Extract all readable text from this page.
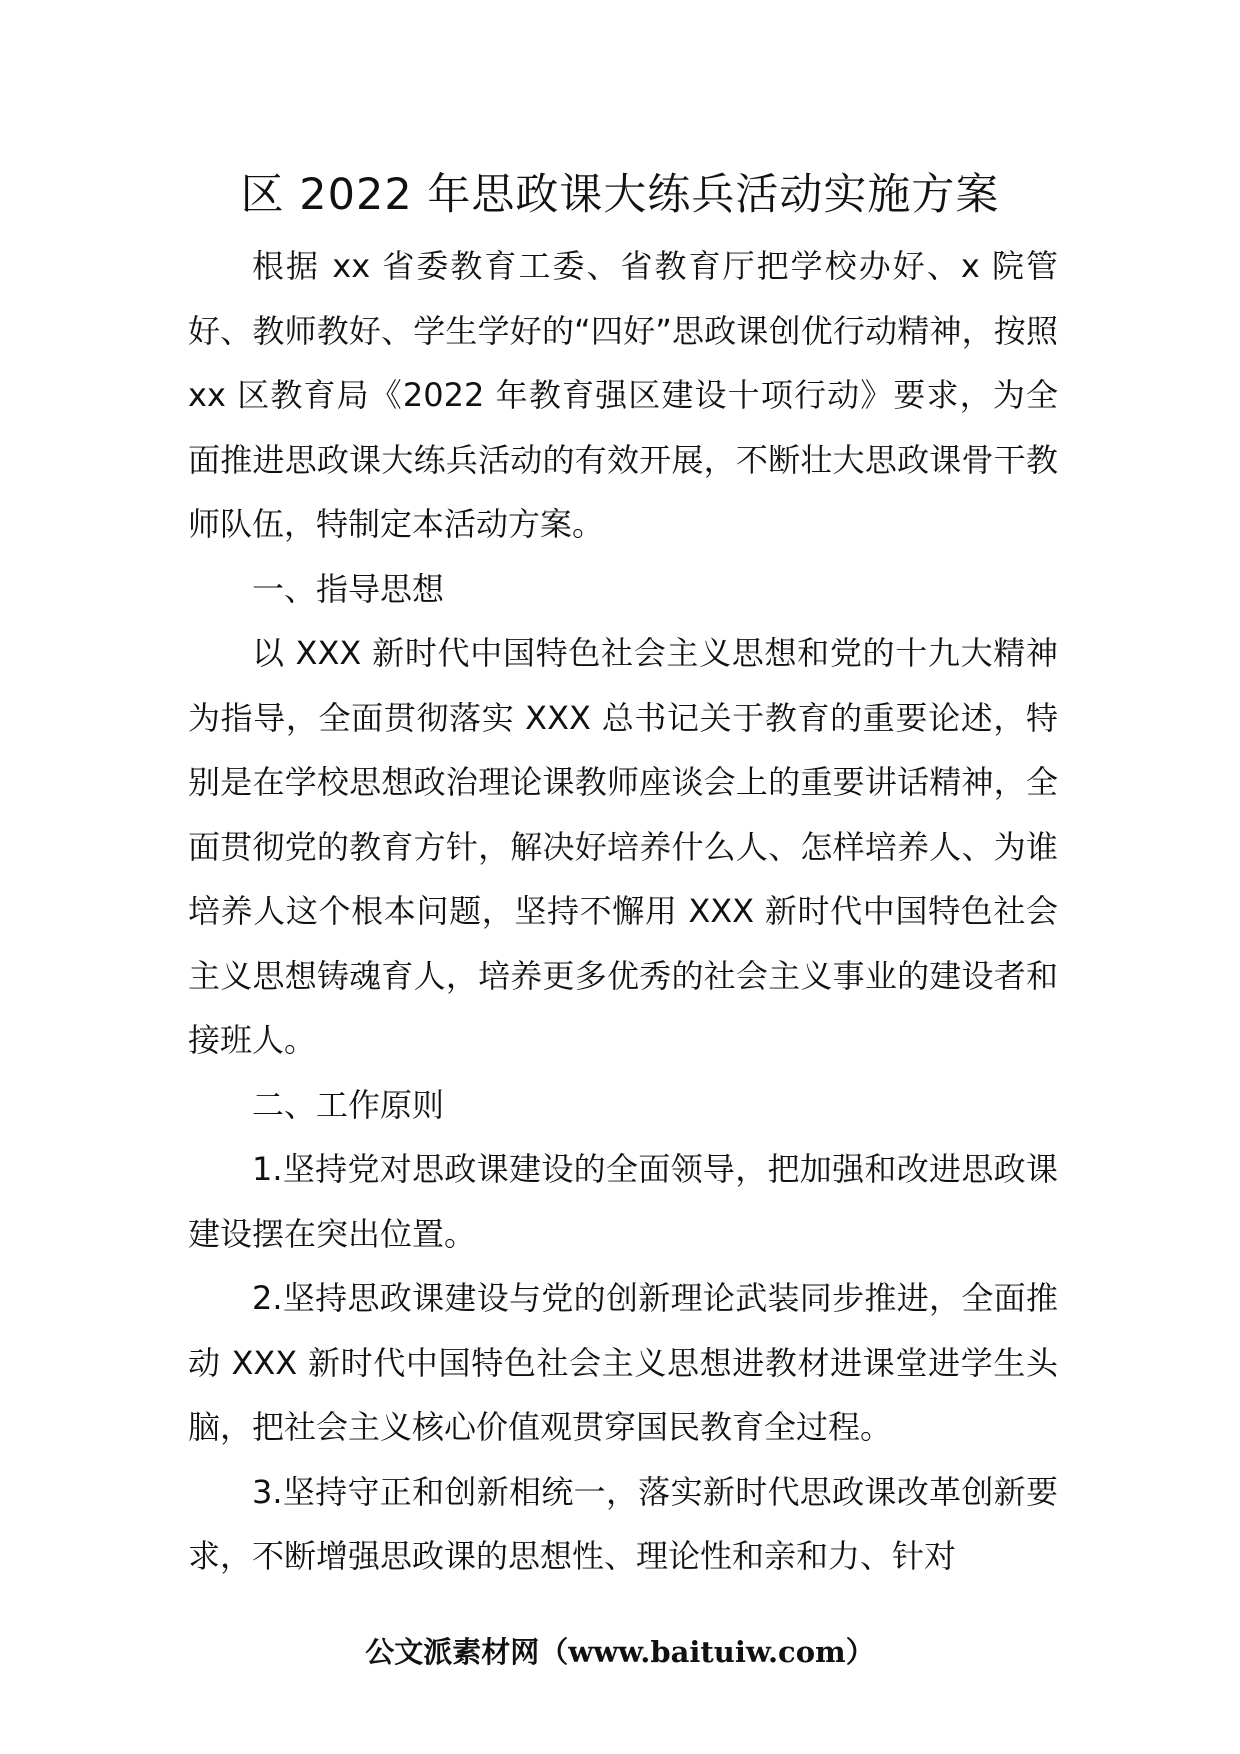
区 2022 年思政课大练兵活动实施方案

根据 xx 省委教育工委、省教育厅把学校办好、x 院管好、教师教好、学生学好的“四好”思政课创优行动精神，按照 xx 区教育局《2022 年教育强区建设十项行动》要求，为全面推进思政课大练兵活动的有效开展，不断壮大思政课骨干教师队伍，特制定本活动方案。

一、指导思想

以 XXX 新时代中国特色社会主义思想和党的十九大精神为指导，全面贯彻落实 XXX 总书记关于教育的重要论述，特别是在学校思想政治理论课教师座谈会上的重要讲话精神，全面贯彻党的教育方针，解决好培养什么人、怎样培养人、为谁培养人这个根本问题，坚持不懈用 XXX 新时代中国特色社会主义思想铸魂育人，培养更多优秀的社会主义事业的建设者和接班人。

二、工作原则

1.坚持党对思政课建设的全面领导，把加强和改进思政课建设摆在突出位置。

2.坚持思政课建设与党的创新理论武装同步推进，全面推动 XXX 新时代中国特色社会主义思想进教材进课堂进学生头脑，把社会主义核心价值观贯穿国民教育全过程。

3.坚持守正和创新相统一，落实新时代思政课改革创新要求，不断增强思政课的思想性、理论性和亲和力、针对

公文派素材网（www.baituiw.com）
